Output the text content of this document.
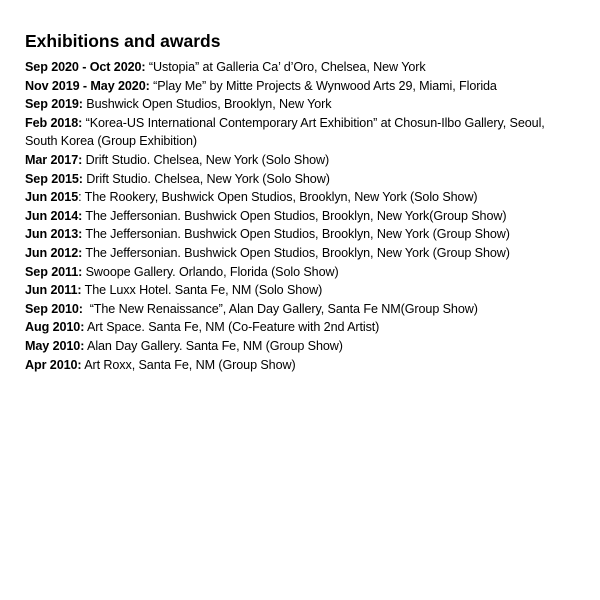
Exhibitions and awards
Sep 2020 - Oct 2020: “Ustopia” at Galleria Ca’ d’Oro, Chelsea, New York
Nov 2019 - May 2020: “Play Me” by Mitte Projects & Wynwood Arts 29, Miami, Florida
Sep 2019: Bushwick Open Studios, Brooklyn, New York
Feb 2018: “Korea-US International Contemporary Art Exhibition” at Chosun-Ilbo Gallery, Seoul, South Korea (Group Exhibition)
Mar 2017: Drift Studio. Chelsea, New York (Solo Show)
Sep 2015: Drift Studio. Chelsea, New York (Solo Show)
Jun 2015: The Rookery, Bushwick Open Studios, Brooklyn, New York (Solo Show)
Jun 2014: The Jeffersonian. Bushwick Open Studios, Brooklyn, New York(Group Show)
Jun 2013: The Jeffersonian. Bushwick Open Studios, Brooklyn, New York (Group Show)
Jun 2012: The Jeffersonian. Bushwick Open Studios, Brooklyn, New York (Group Show)
Sep 2011: Swoope Gallery. Orlando, Florida (Solo Show)
Jun 2011: The Luxx Hotel. Santa Fe, NM (Solo Show)
Sep 2010:  “The New Renaissance”, Alan Day Gallery, Santa Fe NM(Group Show)
Aug 2010: Art Space. Santa Fe, NM (Co-Feature with 2nd Artist)
May 2010: Alan Day Gallery. Santa Fe, NM (Group Show)
Apr 2010: Art Roxx, Santa Fe, NM (Group Show)
